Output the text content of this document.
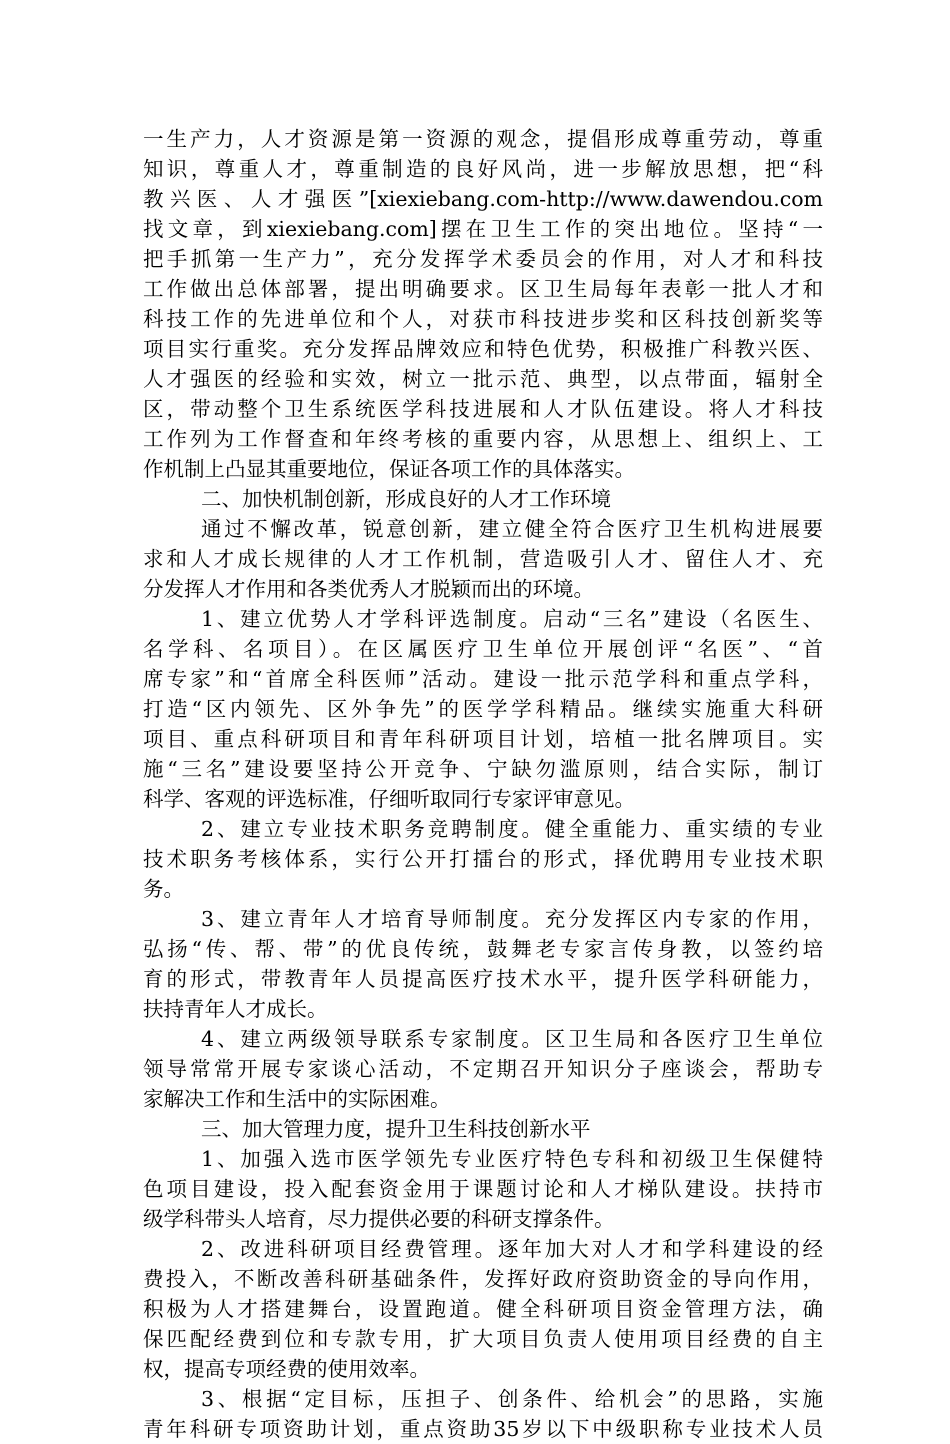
一生产力，人才资源是第一资源的观念，提倡形成尊重劳动，尊重
知识，尊重人才，尊重制造的良好风尚，进一步解放思想，把“科
教兴医、人才强医”[xiexiebang.com-http://www.dawendou.com
找文章，到xiexiebang.com]摆在卫生工作的突出地位。坚持“一
把手抓第一生产力”，充分发挥学术委员会的作用，对人才和科技
工作做出总体部署，提出明确要求。区卫生局每年表彰一批人才和
科技工作的先进单位和个人，对获市科技进步奖和区科技创新奖等
项目实行重奖。充分发挥品牌效应和特色优势，积极推广科教兴医、
人才强医的经验和实效，树立一批示范、典型，以点带面，辐射全
区，带动整个卫生系统医学科技进展和人才队伍建设。将人才科技
工作列为工作督查和年终考核的重要内容，从思想上、组织上、工
作机制上凸显其重要地位，保证各项工作的具体落实。
二、加快机制创新，形成良好的人才工作环境
通过不懈改革，锐意创新，建立健全符合医疗卫生机构进展要
求和人才成长规律的人才工作机制，营造吸引人才、留住人才、充
分发挥人才作用和各类优秀人才脱颖而出的环境。
1、建立优势人才学科评选制度。启动“三名”建设（名医生、
名学科、名项目）。在区属医疗卫生单位开展创评“名医”、“首
席专家”和“首席全科医师”活动。建设一批示范学科和重点学科，
打造“区内领先、区外争先”的医学学科精品。继续实施重大科研
项目、重点科研项目和青年科研项目计划，培植一批名牌项目。实
施“三名”建设要坚持公开竞争、宁缺勿滥原则，结合实际，制订
科学、客观的评选标准，仔细听取同行专家评审意见。
2、建立专业技术职务竞聘制度。健全重能力、重实绩的专业
技术职务考核体系，实行公开打擂台的形式，择优聘用专业技术职
务。
3、建立青年人才培育导师制度。充分发挥区内专家的作用，
弘扬“传、帮、带”的优良传统，鼓舞老专家言传身教，以签约培
育的形式，带教青年人员提高医疗技术水平，提升医学科研能力，
扶持青年人才成长。
4、建立两级领导联系专家制度。区卫生局和各医疗卫生单位
领导常常开展专家谈心活动，不定期召开知识分子座谈会，帮助专
家解决工作和生活中的实际困难。
三、加大管理力度，提升卫生科技创新水平
1、加强入选市医学领先专业医疗特色专科和初级卫生保健特
色项目建设，投入配套资金用于课题讨论和人才梯队建设。扶持市
级学科带头人培育，尽力提供必要的科研支撑条件。
2、改进科研项目经费管理。逐年加大对人才和学科建设的经
费投入，不断改善科研基础条件，发挥好政府资助资金的导向作用，
积极为人才搭建舞台，设置跑道。健全科研项目资金管理方法，确
保匹配经费到位和专款专用，扩大项目负责人使用项目经费的自主
权，提高专项经费的使用效率。
3、根据“定目标，压担子、创条件、给机会”的思路，实施
青年科研专项资助计划，重点资助35岁以下中级职称专业技术人员
